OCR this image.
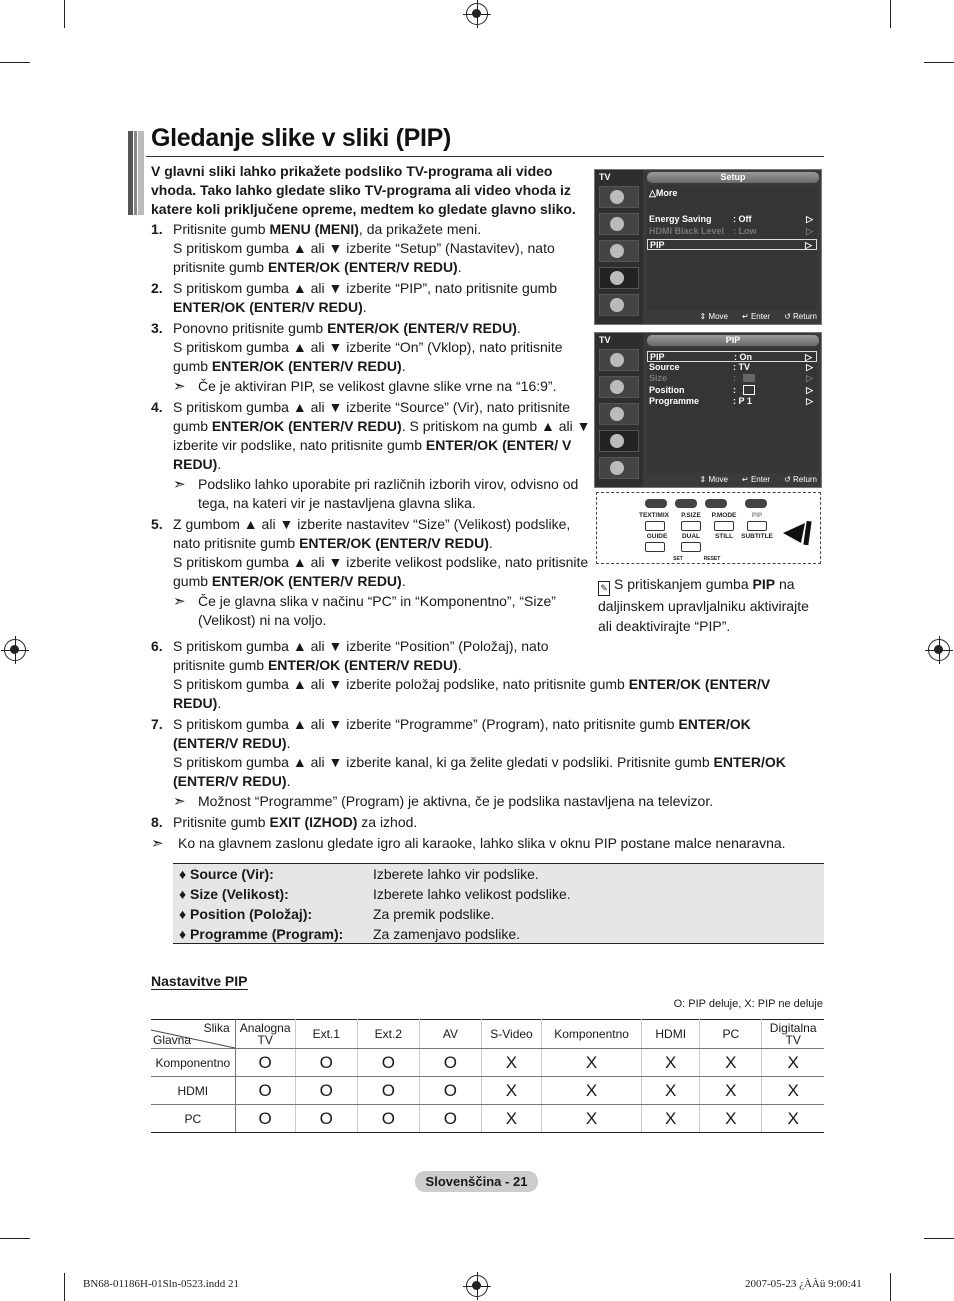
Gledanje slike v sliki (PIP)
V glavni sliki lahko prikažete podsliko TV-programa ali video vhoda. Tako lahko gledate sliko TV-programa ali video vhoda iz katere koli priključene opreme, medtem ko gledate glavno sliko.
1. Pritisnite gumb MENU (MENI), da prikažete meni.

S pritiskom gumba ▲ ali ▼ izberite “Setup” (Nastavitev), nato pritisnite gumb ENTER/OK (ENTER/V REDU).

2. S pritiskom gumba ▲ ali ▼ izberite “PIP”, nato pritisnite gumb ENTER/OK (ENTER/V REDU).

3. Ponovno pritisnite gumb ENTER/OK (ENTER/V REDU).

S pritiskom gumba ▲ ali ▼ izberite “On” (Vklop), nato pritisnite gumb ENTER/OK (ENTER/V REDU).

➣ Če je aktiviran PIP, se velikost glavne slike vrne na “16:9”.
4. S pritiskom gumba ▲ ali ▼ izberite “Source” (Vir), nato pritisnite gumb ENTER/OK (ENTER/V REDU). S pritiskom na gumb ▲ ali ▼ izberite vir podslike, nato pritisnite gumb ENTER/OK (ENTER/ V REDU).

➣ Podsliko lahko uporabite pri različnih izborih virov, odvisno od tega, na kateri vir je nastavljena glavna slika.
5. Z gumbom ▲ ali ▼ izberite nastavitev “Size” (Velikost) podslike, nato pritisnite gumb ENTER/OK (ENTER/V REDU).

S pritiskom gumba ▲ ali ▼ izberite velikost podslike, nato pritisnite gumb ENTER/OK (ENTER/V REDU).

➣ Če je glavna slika v načinu “PC” in “Komponentno”, “Size” (Velikost) ni na voljo.
6. S pritiskom gumba ▲ ali ▼ izberite “Position” (Položaj), nato pritisnite gumb ENTER/OK (ENTER/V REDU).

S pritiskom gumba ▲ ali ▼ izberite položaj podslike, nato pritisnite gumb ENTER/OK (ENTER/V REDU).

7. S pritiskom gumba ▲ ali ▼ izberite “Programme” (Program), nato pritisnite gumb ENTER/OK (ENTER/V REDU).

S pritiskom gumba ▲ ali ▼ izberite kanal, ki ga želite gledati v podsliki. Pritisnite gumb ENTER/OK (ENTER/V REDU).

➣ Možnost “Programme” (Program) je aktivna, če je podslika nastavljena na televizor.
8. Pritisnite gumb EXIT (IZHOD) za izhod.

➣ Ko na glavnem zaslonu gledate igro ali karaoke, lahko slika v oknu PIP postane malce nenaravna.
TV	Setup
△More
Energy Saving : Off	▷
HDMI Black Level : Low	▷
PIP	▷
⇕ Move ↵ Enter ↺ Return
TV	PIP
PIP	: On	▷
Source	: TV	▷
Size	:	▷
Position	:	▷
Programme	: P 1	▷
⇕ Move ↵ Enter ↺ Return
TEXT/MIX	P.SIZE	P.MODE	PIP
GUIDE	DUAL	STILL	SUBTITLE
SET	RESET
✎ S pritiskanjem gumba PIP na daljinskem upravljalniku aktivirajte ali deaktivirajte “PIP”.
♦ Source (Vir):	Izberete lahko vir podslike.
♦ Size (Velikost):	Izberete lahko velikost podslike.
♦ Position (Položaj):	Za premik podslike.
♦ Programme (Program): Za zamenjavo podslike.
Nastavitve PIP
O: PIP deluje, X: PIP ne deluje
Slika
Glavna	Analogna TV	Ext.1	Ext.2	AV	S-Video	Komponentno	HDMI	PC	Digitalna TV
Komponentno	O	O	O	O	X	X	X	X	X
HDMI	O	O	O	O	X	X	X	X	X
PC	O	O	O	O	X	X	X	X	X
Slovenščina - 21
BN68-01186H-01Sln-0523.indd 21	2007-05-23 ¿ÀÀü 9:00:41
